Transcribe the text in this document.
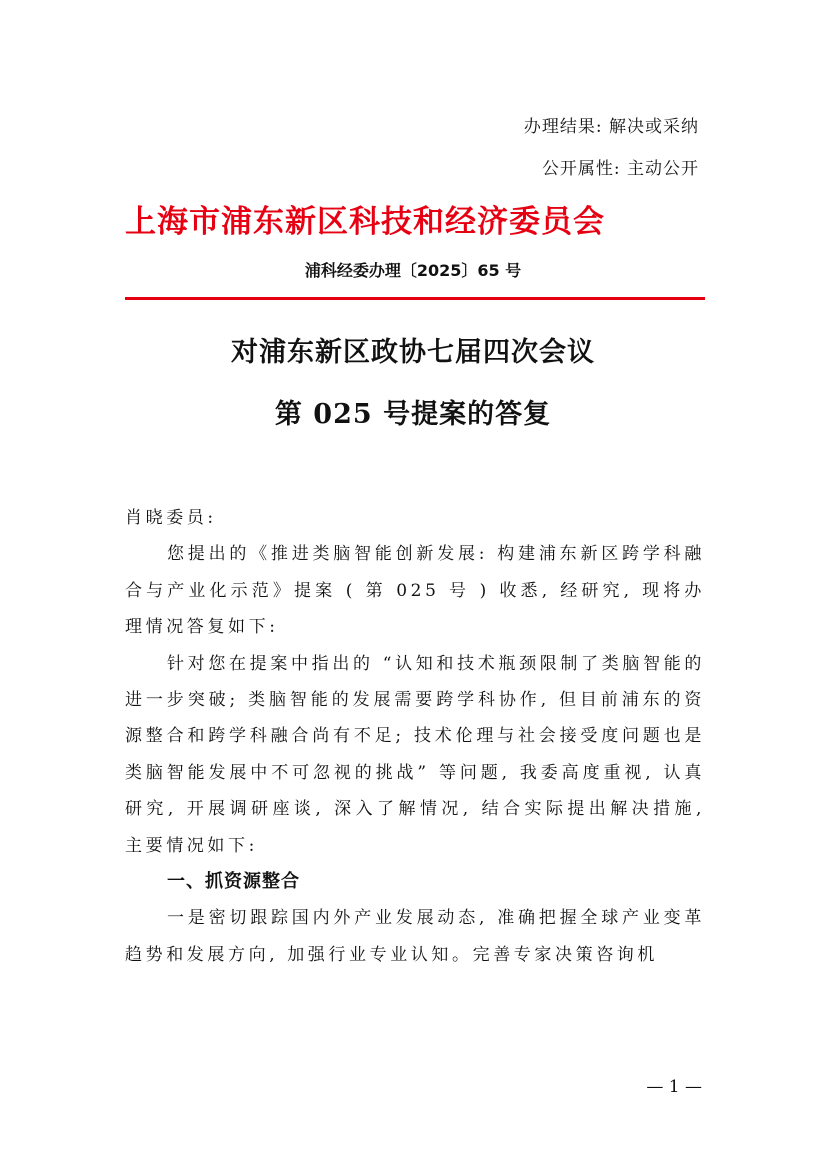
办理结果: 解决或采纳
公开属性: 主动公开
上海市浦东新区科技和经济委员会
浦科经委办理〔2025〕65 号
对浦东新区政协七届四次会议
第 025 号提案的答复

肖晓委员:

您提出的《推进类脑智能创新发展: 构建浦东新区跨学科融合与产业化示范》提案 ( 第 025 号 ) 收悉, 经研究, 现将办理情况答复如下:

针对您在提案中指出的 “认知和技术瓶颈限制了类脑智能的进一步突破; 类脑智能的发展需要跨学科协作, 但目前浦东的资源整合和跨学科融合尚有不足; 技术伦理与社会接受度问题也是类脑智能发展中不可忽视的挑战” 等问题, 我委高度重视, 认真研究, 开展调研座谈, 深入了解情况, 结合实际提出解决措施, 主要情况如下:

一、抓资源整合

一是密切跟踪国内外产业发展动态, 准确把握全球产业变革趋势和发展方向, 加强行业专业认知。完善专家决策咨询机

— 1 —
